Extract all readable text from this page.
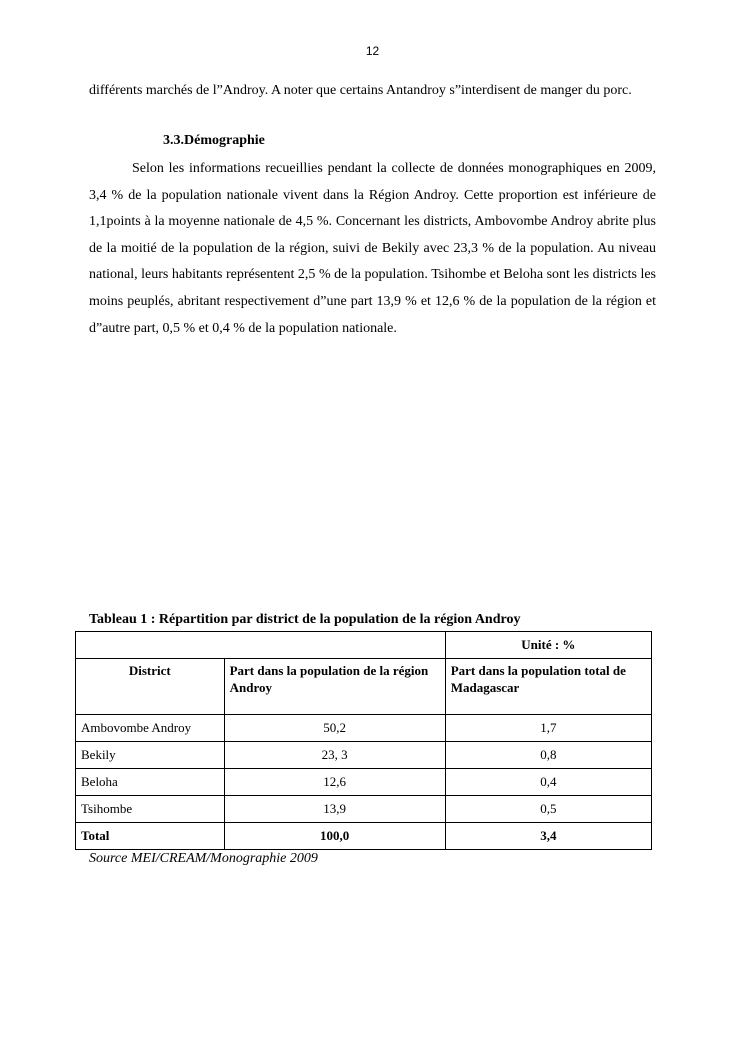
12

différents marchés de l”Androy. A noter que certains Antandroy s”interdisent de manger du porc.

3.3.Démographie

Selon les informations recueillies pendant la collecte de données monographiques en 2009, 3,4 % de la population nationale vivent dans la Région Androy. Cette proportion est inférieure de 1,1points à la moyenne nationale de 4,5 %. Concernant les districts, Ambovombe Androy abrite plus de la moitié de la population de la région, suivi de Bekily avec 23,3 % de la population. Au niveau national, leurs habitants représentent 2,5 % de la population. Tsihombe et Beloha sont les districts les moins peuplés, abritant respectivement d”une part 13,9 % et 12,6 % de la population de la région et d”autre part, 0,5 % et 0,4 % de la population nationale.

Tableau 1 : Répartition par district de la population de la région Androy
		Unité : %
District	Part dans la population de la région Androy	Part dans la population total de Madagascar
Ambovombe Androy	50,2	1,7
Bekily	23, 3	0,8
Beloha	12,6	0,4
Tsihombe	13,9	0,5
Total	100,0	3,4
Source MEI/CREAM/Monographie 2009
